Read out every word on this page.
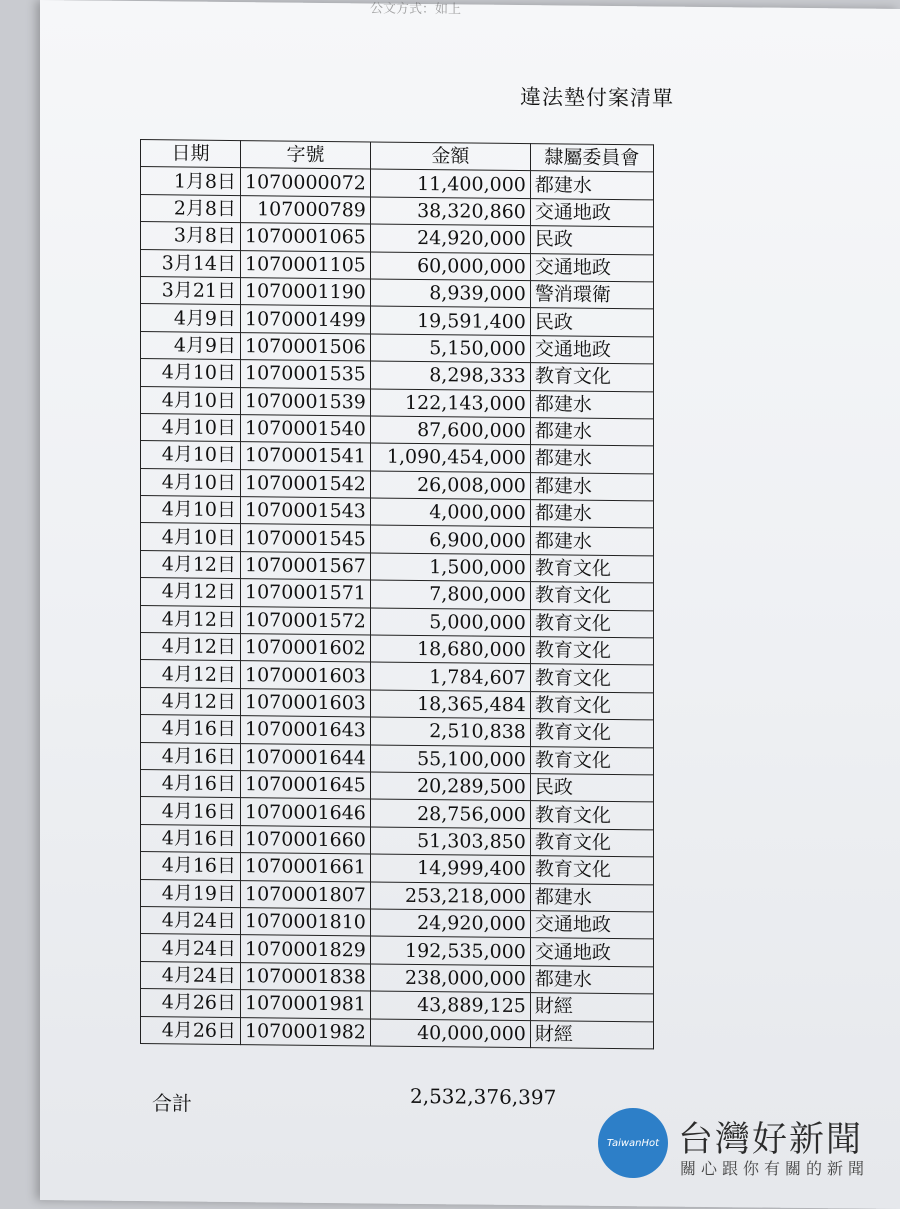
公文方式：如上
違法墊付案清單
日期	字號	金額	隸屬委員會
1月8日	1070000072	11,400,000	都建水
2月8日	107000789	38,320,860	交通地政
3月8日	1070001065	24,920,000	民政
3月14日	1070001105	60,000,000	交通地政
3月21日	1070001190	8,939,000	警消環衛
4月9日	1070001499	19,591,400	民政
4月9日	1070001506	5,150,000	交通地政
4月10日	1070001535	8,298,333	教育文化
4月10日	1070001539	122,143,000	都建水
4月10日	1070001540	87,600,000	都建水
4月10日	1070001541	1,090,454,000	都建水
4月10日	1070001542	26,008,000	都建水
4月10日	1070001543	4,000,000	都建水
4月10日	1070001545	6,900,000	都建水
4月12日	1070001567	1,500,000	教育文化
4月12日	1070001571	7,800,000	教育文化
4月12日	1070001572	5,000,000	教育文化
4月12日	1070001602	18,680,000	教育文化
4月12日	1070001603	1,784,607	教育文化
4月12日	1070001603	18,365,484	教育文化
4月16日	1070001643	2,510,838	教育文化
4月16日	1070001644	55,100,000	教育文化
4月16日	1070001645	20,289,500	民政
4月16日	1070001646	28,756,000	教育文化
4月16日	1070001660	51,303,850	教育文化
4月16日	1070001661	14,999,400	教育文化
4月19日	1070001807	253,218,000	都建水
4月24日	1070001810	24,920,000	交通地政
4月24日	1070001829	192,535,000	交通地政
4月24日	1070001838	238,000,000	都建水
4月26日	1070001981	43,889,125	財經
4月26日	1070001982	40,000,000	財經
合計	2,532,376,397
TaiwanHot 台灣好新聞
關心跟你有關的新聞
